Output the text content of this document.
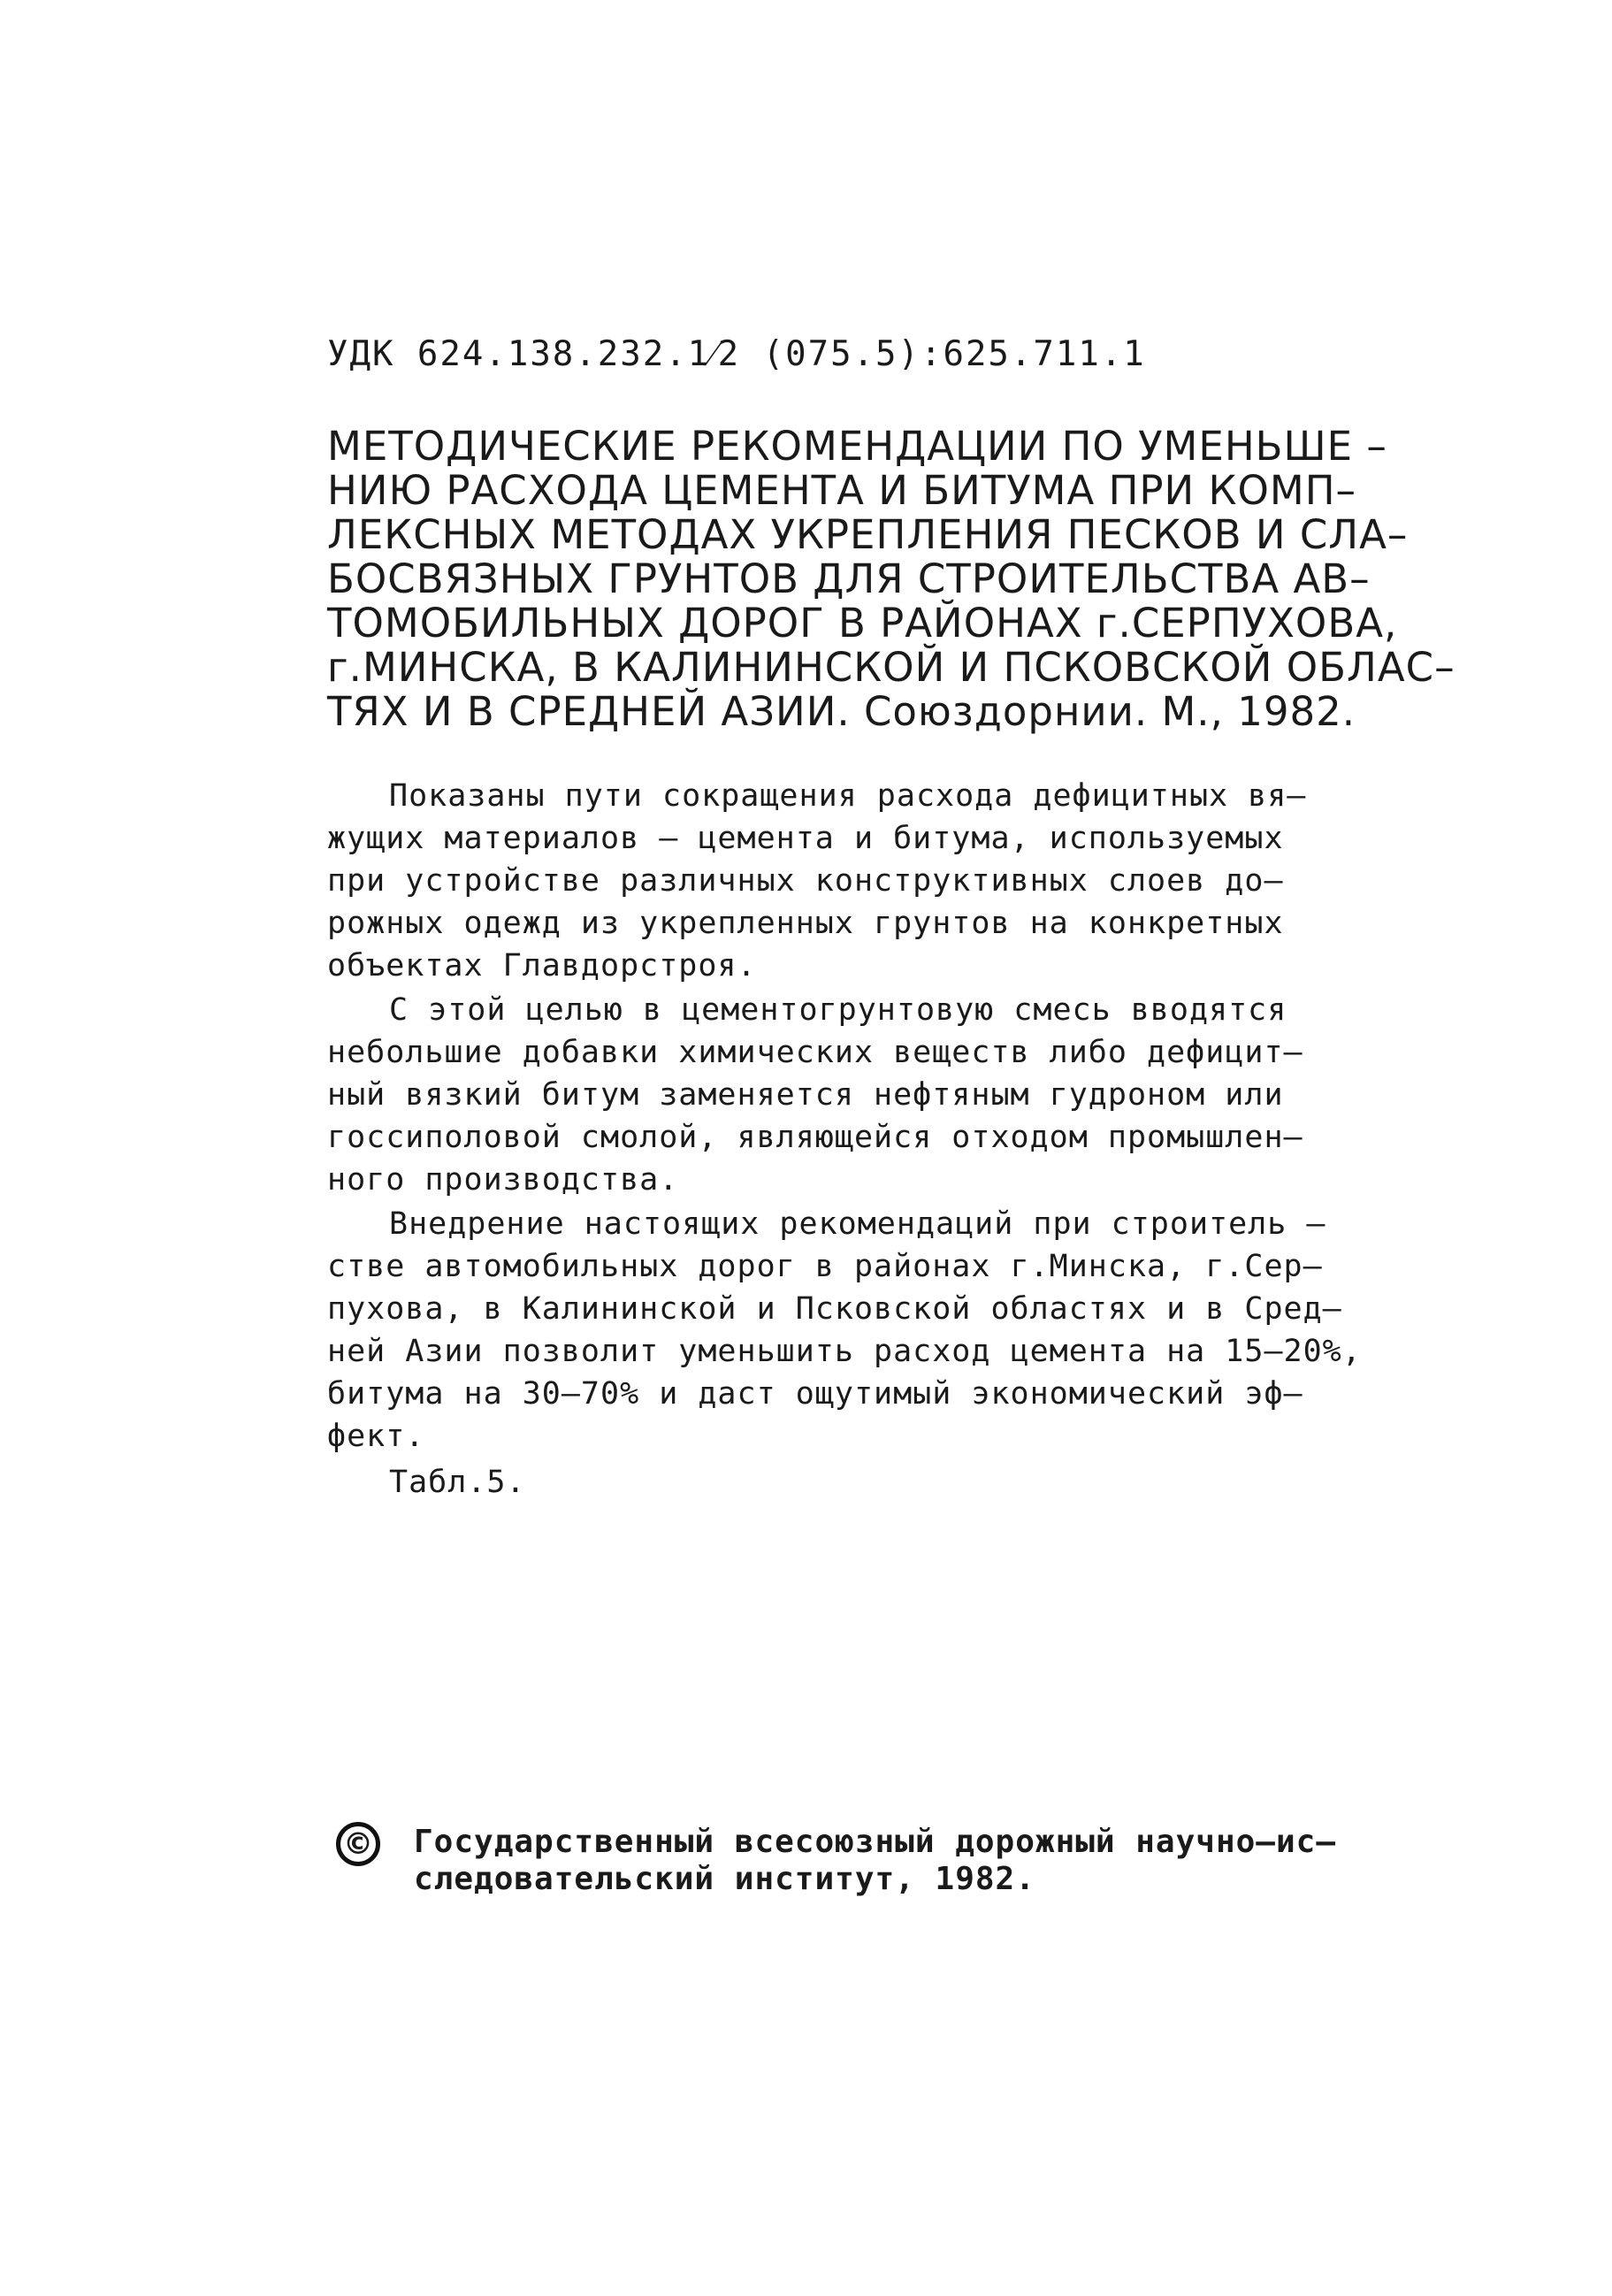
УДК 624.138.232.1⁄2 (075.5):625.711.1
МЕТОДИЧЕСКИЕ РЕКОМЕНДАЦИИ ПО УМЕНЬШЕ –
НИЮ РАСХОДА ЦЕМЕНТА И БИТУМА ПРИ КОМП–
ЛЕКСНЫХ МЕТОДАХ УКРЕПЛЕНИЯ ПЕСКОВ И СЛА–
БОСВЯЗНЫХ ГРУНТОВ ДЛЯ СТРОИТЕЛЬСТВА АВ–
ТОМОБИЛЬНЫХ ДОРОГ В РАЙОНАХ г.СЕРПУХОВА,
г.МИНСКА, В КАЛИНИНСКОЙ И ПСКОВСКОЙ ОБЛАС–
ТЯХ И В СРЕДНЕЙ АЗИИ. Союздорнии. М., 1982.
Показаны пути сокращения расхода дефицитных вя–
жущих материалов – цемента и битума, используемых
при устройстве различных конструктивных слоев до–
рожных одежд из укрепленных грунтов на конкретных
объектах Главдорстроя.
С этой целью в цементогрунтовую смесь вводятся
небольшие добавки химических веществ либо дефицит–
ный вязкий битум заменяется нефтяным гудроном или
госсиполовой смолой, являющейся отходом промышлен–
ного производства.
Внедрение настоящих рекомендаций при строитель –
стве автомобильных дорог в районах г.Минска, г.Сер–
пухова, в Калининской и Псковской областях и в Сред–
ней Азии позволит уменьшить расход цемента на 15–20%,
битума на 30–70% и даст ощутимый экономический эф–
фект.
Табл.5.
© Государственный всесоюзный дорожный научно–ис–
следовательский институт, 1982.
